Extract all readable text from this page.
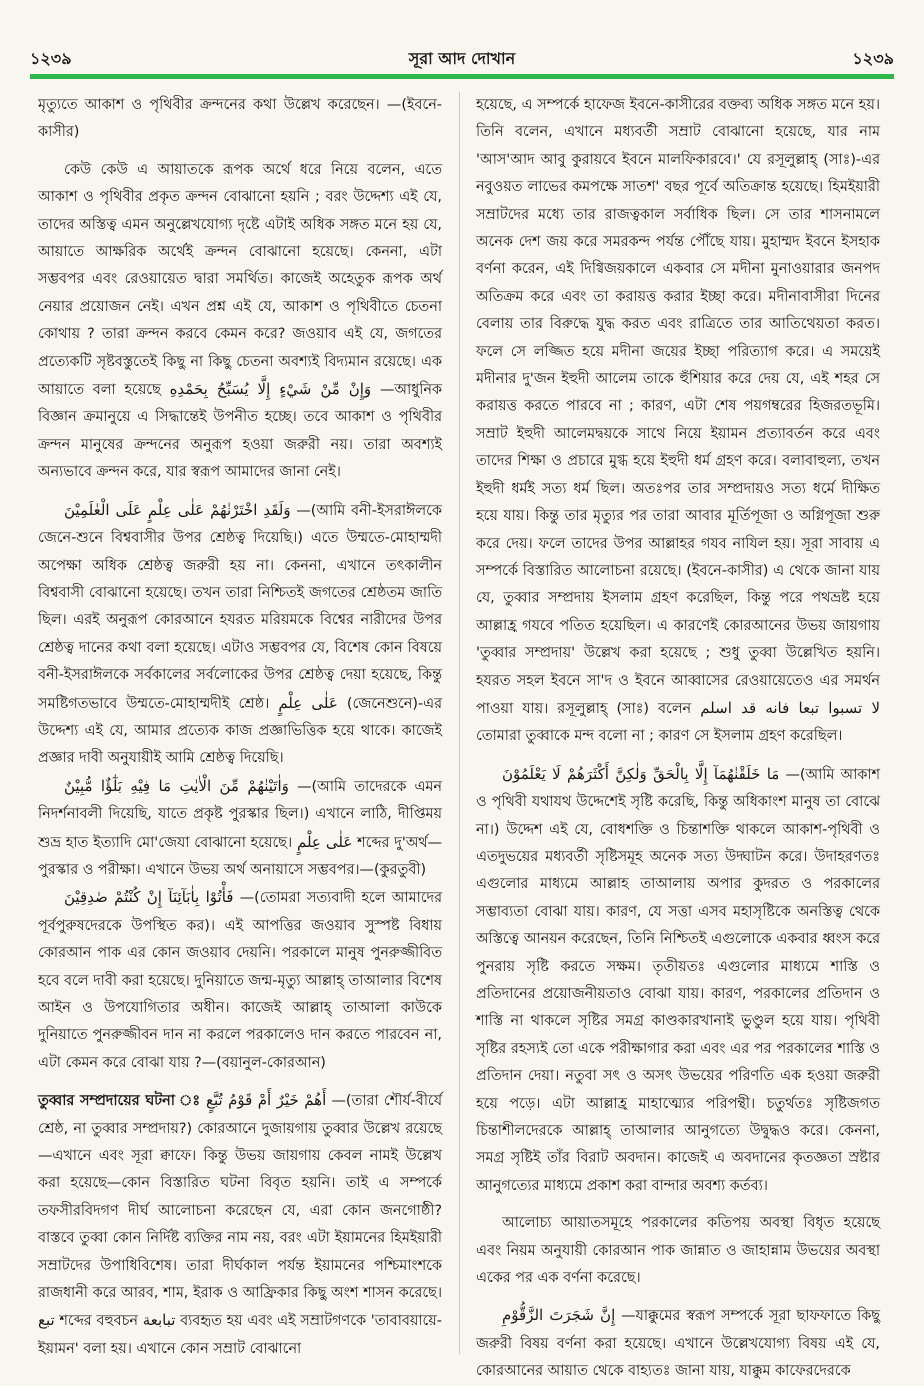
১২৩৯	সূরা আদ দোখান	১২৩৯

মৃত্যুতে আকাশ ও পৃথিবীর ক্রন্দনের কথা উল্লেখ করেছেন। —(ইবনে-কাসীর)

কেউ কেউ এ আয়াতকে রূপক অর্থে ধরে নিয়ে বলেন, এতে আকাশ ও পৃথিবীর প্রকৃত ক্রন্দন বোঝানো হয়নি ; বরং উদ্দেশ্য এই যে, তাদের অস্তিত্ব এমন অনুল্লেখযোগ্য দৃষ্টে এটাই অধিক সঙ্গত মনে হয় যে, আয়াতে আক্ষরিক অর্থেই ক্রন্দন বোঝানো হয়েছে। কেননা, এটা সম্ভবপর এবং রেওয়ায়েত দ্বারা সমর্থিত। কাজেই অহেতুক রূপক অর্থ নেয়ার প্রয়োজন নেই। এখন প্রশ্ন এই যে, আকাশ ও পৃথিবীতে চেতনা কোথায় ? তারা ক্রন্দন করবে কেমন করে? জওয়াব এই যে, জগতের প্রত্যেকটি সৃষ্টবস্তুতেই কিছু না কিছু চেতনা অবশ্যই বিদ্যমান রয়েছে। এক আয়াতে বলা হয়েছে وَإِنْ مِّنْ شَيْءٍ إِلَّا يُسَبِّحُ بِحَمْدِهِ —আধুনিক বিজ্ঞান ক্রমানুয়ে এ সিদ্ধান্তেই উপনীত হচ্ছে। তবে আকাশ ও পৃথিবীর ক্রন্দন মানুষের ক্রন্দনের অনুরূপ হওয়া জরুরী নয়। তারা অবশ্যই অন্যভাবে ক্রন্দন করে, যার স্বরূপ আমাদের জানা নেই।

وَلَقَدِ اخْتَرْنٰهُمْ عَلٰى عِلْمٍ عَلَى الْعٰلَمِيْنَ —(আমি বনী-ইসরাঈলকে জেনে-শুনে বিশ্ববাসীর উপর শ্রেষ্ঠত্ব দিয়েছি।) এতে উম্মতে-মোহাম্মদী অপেক্ষা অধিক শ্রেষ্ঠত্ব জরুরী হয় না। কেননা, এখানে তৎকালীন বিশ্ববাসী বোঝানো হয়েছে। তখন তারা নিশ্চিতই জগতের শ্রেষ্ঠতম জাতি ছিল। এরই অনুরূপ কোরআনে হযরত মরিয়মকে বিশ্বের নারীদের উপর শ্রেষ্ঠত্ব দানের কথা বলা হয়েছে। এটাও সম্ভবপর যে, বিশেষ কোন বিষয়ে বনী-ইসরাঈলকে সর্বকালের সর্বলোকের উপর শ্রেষ্ঠত্ব দেয়া হয়েছে, কিন্তু সমষ্টিগতভাবে উম্মতে-মোহাম্মদীই শ্রেষ্ঠ। عَلٰى عِلْمٍ (জেনেশুনে)-এর উদ্দেশ্য এই যে, আমার প্রত্যেক কাজ প্রজ্ঞাভিত্তিক হয়ে থাকে। কাজেই প্রজ্ঞার দাবী অনুযায়ীই আমি শ্রেষ্ঠত্ব দিয়েছি।

وَاٰتَيْنٰهُمْ مِّنَ الْاٰيٰتِ مَا فِيْهِ بَلٰٓؤٌا مُّبِيْنٌ —(আমি তাদেরকে এমন নিদর্শনাবলী দিয়েছি, যাতে প্রকৃষ্ট পুরস্কার ছিল।) এখানে লাঠি, দীপ্তিময় শুভ্র হাত ইত্যাদি মো'জেযা বোঝানো হয়েছে। عَلٰى عِلْمٍ শব্দের দু'অর্থ—পুরস্কার ও পরীক্ষা। এখানে উভয় অর্থ অনায়াসে সম্ভবপর।—(কুরতুবী)

فَأْتُوْا بِاٰبَآئِنَآ إِنْ كُنْتُمْ صٰدِقِيْنَ —(তোমরা সত্যবাদী হলে আমাদের পূর্বপুরুষদেরকে উপস্থিত কর)। এই আপত্তির জওয়াব সুস্পষ্ট বিধায় কোরআন পাক এর কোন জওয়াব দেয়নি। পরকালে মানুষ পুনরুজ্জীবিত হবে বলে দাবী করা হয়েছে। দুনিয়াতে জন্ম-মৃত্যু আল্লাহ্ তাআলার বিশেষ আইন ও উপযোগিতার অধীন। কাজেই আল্লাহ্ তাআলা কাউকে দুনিয়াতে পুনরুজ্জীবন দান না করলে পরকালেও দান করতে পারবেন না, এটা কেমন করে বোঝা যায় ?—(বয়ানুল-কোরআন)

তুব্বার সম্প্রদায়ের ঘটনা ঃ أَهُمْ خَيْرٌ أَمْ قَوْمُ تُبَّعٍ —(তারা শৌর্য-বীর্যে শ্রেষ্ঠ, না তুব্বার সম্প্রদায়?) কোরআনে দুজায়গায় তুব্বার উল্লেখ রয়েছে—এখানে এবং সূরা ক্বাফে। কিন্তু উভয় জায়গায় কেবল নামই উল্লেখ করা হয়েছে—কোন বিস্তারিত ঘটনা বিবৃত হয়নি। তাই এ সম্পর্কে তফসীরবিদগণ দীর্ঘ আলোচনা করেছেন যে, এরা কোন জনগোষ্ঠী? বাস্তবে তুব্বা কোন নির্দিষ্ট ব্যক্তির নাম নয়, বরং এটা ইয়ামনের হিমইয়ারী সম্রাটদের উপাধিবিশেষ। তারা দীর্ঘকাল পর্যন্ত ইয়ামনের পশ্চিমাংশকে রাজধানী করে আরব, শাম, ইরাক ও আফ্রিকার কিছু অংশ শাসন করেছে। تبع শব্দের বহুবচন تبابعة ব্যবহৃত হয় এবং এই সম্রাটগণকে 'তাবাবয়ায়ে-ইয়ামন' বলা হয়। এখানে কোন সম্রাট বোঝানো

হয়েছে, এ সম্পর্কে হাফেজ ইবনে-কাসীরের বক্তব্য অধিক সঙ্গত মনে হয়। তিনি বলেন, এখানে মধ্যবর্তী সম্রাট বোঝানো হয়েছে, যার নাম 'আস'আদ আবু কুরায়বে ইবনে মালফিকারবে।' যে রসূলুল্লাহ্ (সাঃ)-এর নবুওয়ত লাভের কমপক্ষে সাতশ' বছর পূর্বে অতিক্রান্ত হয়েছে। হিমইয়ারী সম্রাটদের মধ্যে তার রাজত্বকাল সর্বাধিক ছিল। সে তার শাসনামলে অনেক দেশ জয় করে সমরকন্দ পর্যন্ত পৌঁছে যায়। মুহাম্মদ ইবনে ইসহাক বর্ণনা করেন, এই দিগ্বিজয়কালে একবার সে মদীনা মুনাওয়ারার জনপদ অতিক্রম করে এবং তা করায়ত্ত করার ইচ্ছা করে। মদীনাবাসীরা দিনের বেলায় তার বিরুদ্ধে যুদ্ধ করত এবং রাত্রিতে তার আতিথেয়তা করত। ফলে সে লজ্জিত হয়ে মদীনা জয়ের ইচ্ছা পরিত্যাগ করে। এ সময়েই মদীনার দু'জন ইহুদী আলেম তাকে হুঁশিয়ার করে দেয় যে, এই শহর সে করায়ত্ত করতে পারবে না ; কারণ, এটা শেষ পয়গম্বরের হিজরতভূমি। সম্রাট ইহুদী আলেমদ্বয়কে সাথে নিয়ে ইয়ামন প্রত্যাবর্তন করে এবং তাদের শিক্ষা ও প্রচারে মুগ্ধ হয়ে ইহুদী ধর্ম গ্রহণ করে। বলাবাহুল্য, তখন ইহুদী ধর্মই সত্য ধর্ম ছিল। অতঃপর তার সম্প্রদায়ও সত্য ধর্মে দীক্ষিত হয়ে যায়। কিন্তু তার মৃত্যুর পর তারা আবার মূর্তিপূজা ও অগ্নিপূজা শুরু করে দেয়। ফলে তাদের উপর আল্লাহর গযব নাযিল হয়। সূরা সাবায় এ সম্পর্কে বিস্তারিত আলোচনা রয়েছে। (ইবনে-কাসীর) এ থেকে জানা যায় যে, তুব্বার সম্প্রদায় ইসলাম গ্রহণ করেছিল, কিন্তু পরে পথভ্রষ্ট হয়ে আল্লাহ্র গযবে পতিত হয়েছিল। এ কারণেই কোরআনের উভয় জায়গায় 'তুব্বার সম্প্রদায়' উল্লেখ করা হয়েছে ; শুধু তুব্বা উল্লেখিত হয়নি। হযরত সহল ইবনে সা'দ ও ইবনে আব্বাসের রেওয়ায়েতেও এর সমর্থন পাওয়া যায়। রসূলুল্লাহ্ (সাঃ) বলেন لا تسبوا تبعا فانه قد اسلم তোমারা তুব্বাকে মন্দ বলো না ; কারণ সে ইসলাম গ্রহণ করেছিল।

مَا خَلَقْنٰهُمَآ إِلَّا بِالْحَقِّ وَلٰكِنَّ أَكْثَرَهُمْ لَا يَعْلَمُوْنَ —(আমি আকাশ ও পৃথিবী যথাযথ উদ্দেশেই সৃষ্টি করেছি, কিন্তু অধিকাংশ মানুষ তা বোঝে না।) উদ্দেশ এই যে, বোধশক্তি ও চিন্তাশক্তি থাকলে আকাশ-পৃথিবী ও এতদুভয়ের মধ্যবর্তী সৃষ্টিসমূহ অনেক সত্য উদ্ঘাটন করে। উদাহরণতঃ এগুলোর মাধ্যমে আল্লাহ তাআলায় অপার কুদরত ও পরকালের সম্ভাব্যতা বোঝা যায়। কারণ, যে সত্তা এসব মহাসৃষ্টিকে অনস্তিত্ব থেকে অস্তিত্বে আনয়ন করেছেন, তিনি নিশ্চিতই এগুলোকে একবার ধ্বংস করে পুনরায় সৃষ্টি করতে সক্ষম। তৃতীয়তঃ এগুলোর মাধ্যমে শাস্তি ও প্রতিদানের প্রয়োজনীয়তাও বোঝা যায়। কারণ, পরকালের প্রতিদান ও শাস্তি না থাকলে সৃষ্টির সমগ্র কাণ্ডকারখানাই ভুণ্ডুল হয়ে যায়। পৃথিবী সৃষ্টির রহস্যই তো একে পরীক্ষাগার করা এবং এর পর পরকালের শাস্তি ও প্রতিদান দেয়া। নতুবা সৎ ও অসৎ উভয়ের পরিণতি এক হওয়া জরুরী হয়ে পড়ে। এটা আল্লাহ্র মাহাত্ম্যের পরিপন্থী। চতুর্থতঃ সৃষ্টিজগত চিন্তাশীলদেরকে আল্লাহ্ তাআলার আনুগত্যে উদ্বুদ্ধও করে। কেননা, সমগ্র সৃষ্টিই তাঁর বিরাট অবদান। কাজেই এ অবদানের কৃতজ্ঞতা স্রষ্টার আনুগত্যের মাধ্যমে প্রকাশ করা বান্দার অবশ্য কর্তব্য।

আলোচ্য আয়াতসমূহে পরকালের কতিপয় অবস্থা বিধৃত হয়েছে এবং নিয়ম অনুযায়ী কোরআন পাক জান্নাত ও জাহান্নাম উভয়ের অবস্থা একের পর এক বর্ণনা করেছে।

إِنَّ شَجَرَتَ الزَّقُّوْمِ —যাক্কুমের স্বরূপ সম্পর্কে সূরা ছাফফাতে কিছু জরুরী বিষয় বর্ণনা করা হয়েছে। এখানে উল্লেখযোগ্য বিষয় এই যে, কোরআনের আয়াত থেকে বাহ্যতঃ জানা যায়, যাক্কুম কাফেরদেরকে
